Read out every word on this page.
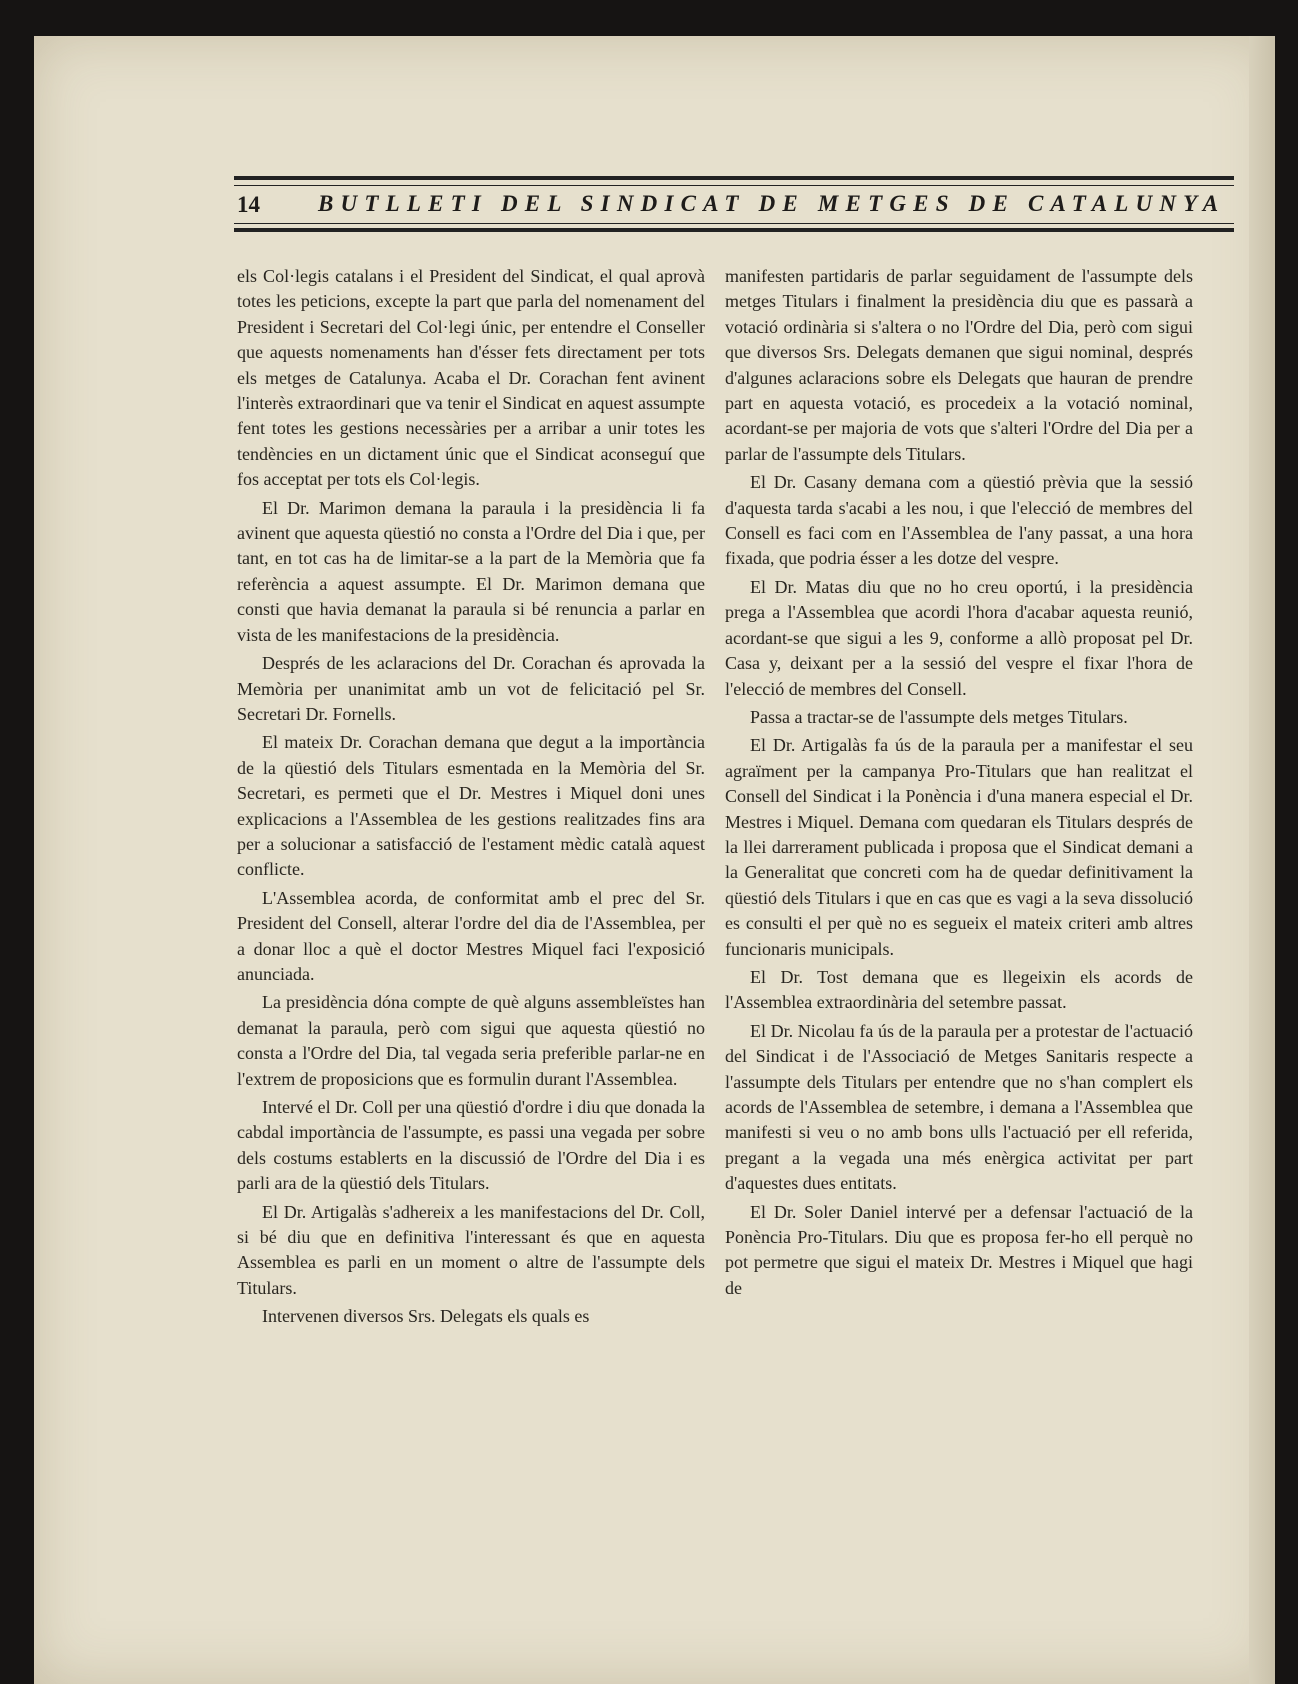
14	BUTLLETI DEL SINDICAT DE METGES DE CATALUNYA

els Col·legis catalans i el President del Sindicat, el qual aprovà totes les peticions, excepte la part que parla del nomenament del President i Secretari del Col·legi únic, per entendre el Conseller que aquests nomenaments han d'ésser fets directament per tots els metges de Catalunya. Acaba el Dr. Corachan fent avinent l'interès extraordinari que va tenir el Sindicat en aquest assumpte fent totes les gestions necessàries per a arribar a unir totes les tendències en un dictament únic que el Sindicat aconseguí que fos acceptat per tots els Col·legis.

El Dr. Marimon demana la paraula i la presidència li fa avinent que aquesta qüestió no consta a l'Ordre del Dia i que, per tant, en tot cas ha de limitar-se a la part de la Memòria que fa referència a aquest assumpte. El Dr. Marimon demana que consti que havia demanat la paraula si bé renuncia a parlar en vista de les manifestacions de la presidència.

Després de les aclaracions del Dr. Corachan és aprovada la Memòria per unanimitat amb un vot de felicitació pel Sr. Secretari Dr. Fornells.

El mateix Dr. Corachan demana que degut a la importància de la qüestió dels Titulars esmentada en la Memòria del Sr. Secretari, es permeti que el Dr. Mestres i Miquel doni unes explicacions a l'Assemblea de les gestions realitzades fins ara per a solucionar a satisfacció de l'estament mèdic català aquest conflicte.

L'Assemblea acorda, de conformitat amb el prec del Sr. President del Consell, alterar l'ordre del dia de l'Assemblea, per a donar lloc a què el doctor Mestres Miquel faci l'exposició anunciada.

La presidència dóna compte de què alguns assembleïstes han demanat la paraula, però com sigui que aquesta qüestió no consta a l'Ordre del Dia, tal vegada seria preferible parlar-ne en l'extrem de proposicions que es formulin durant l'Assemblea.

Intervé el Dr. Coll per una qüestió d'ordre i diu que donada la cabdal importància de l'assumpte, es passi una vegada per sobre dels costums establerts en la discussió de l'Ordre del Dia i es parli ara de la qüestió dels Titulars.

El Dr. Artigalàs s'adhereix a les manifestacions del Dr. Coll, si bé diu que en definitiva l'interessant és que en aquesta Assemblea es parli en un moment o altre de l'assumpte dels Titulars.

Intervenen diversos Srs. Delegats els quals es

manifesten partidaris de parlar seguidament de l'assumpte dels metges Titulars i finalment la presidència diu que es passarà a votació ordinària si s'altera o no l'Ordre del Dia, però com sigui que diversos Srs. Delegats demanen que sigui nominal, després d'algunes aclaracions sobre els Delegats que hauran de prendre part en aquesta votació, es procedeix a la votació nominal, acordant-se per majoria de vots que s'alteri l'Ordre del Dia per a parlar de l'assumpte dels Titulars.

El Dr. Casany demana com a qüestió prèvia que la sessió d'aquesta tarda s'acabi a les nou, i que l'elecció de membres del Consell es faci com en l'Assemblea de l'any passat, a una hora fixada, que podria ésser a les dotze del vespre.

El Dr. Matas diu que no ho creu oportú, i la presidència prega a l'Assemblea que acordi l'hora d'acabar aquesta reunió, acordant-se que sigui a les 9, conforme a allò proposat pel Dr. Casa y, deixant per a la sessió del vespre el fixar l'hora de l'elecció de membres del Consell.

Passa a tractar-se de l'assumpte dels metges Titulars.

El Dr. Artigalàs fa ús de la paraula per a manifestar el seu agraïment per la campanya Pro-Titulars que han realitzat el Consell del Sindicat i la Ponència i d'una manera especial el Dr. Mestres i Miquel. Demana com quedaran els Titulars després de la llei darrerament publicada i proposa que el Sindicat demani a la Generalitat que concreti com ha de quedar definitivament la qüestió dels Titulars i que en cas que es vagi a la seva dissolució es consulti el per què no es segueix el mateix criteri amb altres funcionaris municipals.

El Dr. Tost demana que es llegeixin els acords de l'Assemblea extraordinària del setembre passat.

El Dr. Nicolau fa ús de la paraula per a protestar de l'actuació del Sindicat i de l'Associació de Metges Sanitaris respecte a l'assumpte dels Titulars per entendre que no s'han complert els acords de l'Assemblea de setembre, i demana a l'Assemblea que manifesti si veu o no amb bons ulls l'actuació per ell referida, pregant a la vegada una més enèrgica activitat per part d'aquestes dues entitats.

El Dr. Soler Daniel intervé per a defensar l'actuació de la Ponència Pro-Titulars. Diu que es proposa fer-ho ell perquè no pot permetre que sigui el mateix Dr. Mestres i Miquel que hagi de
